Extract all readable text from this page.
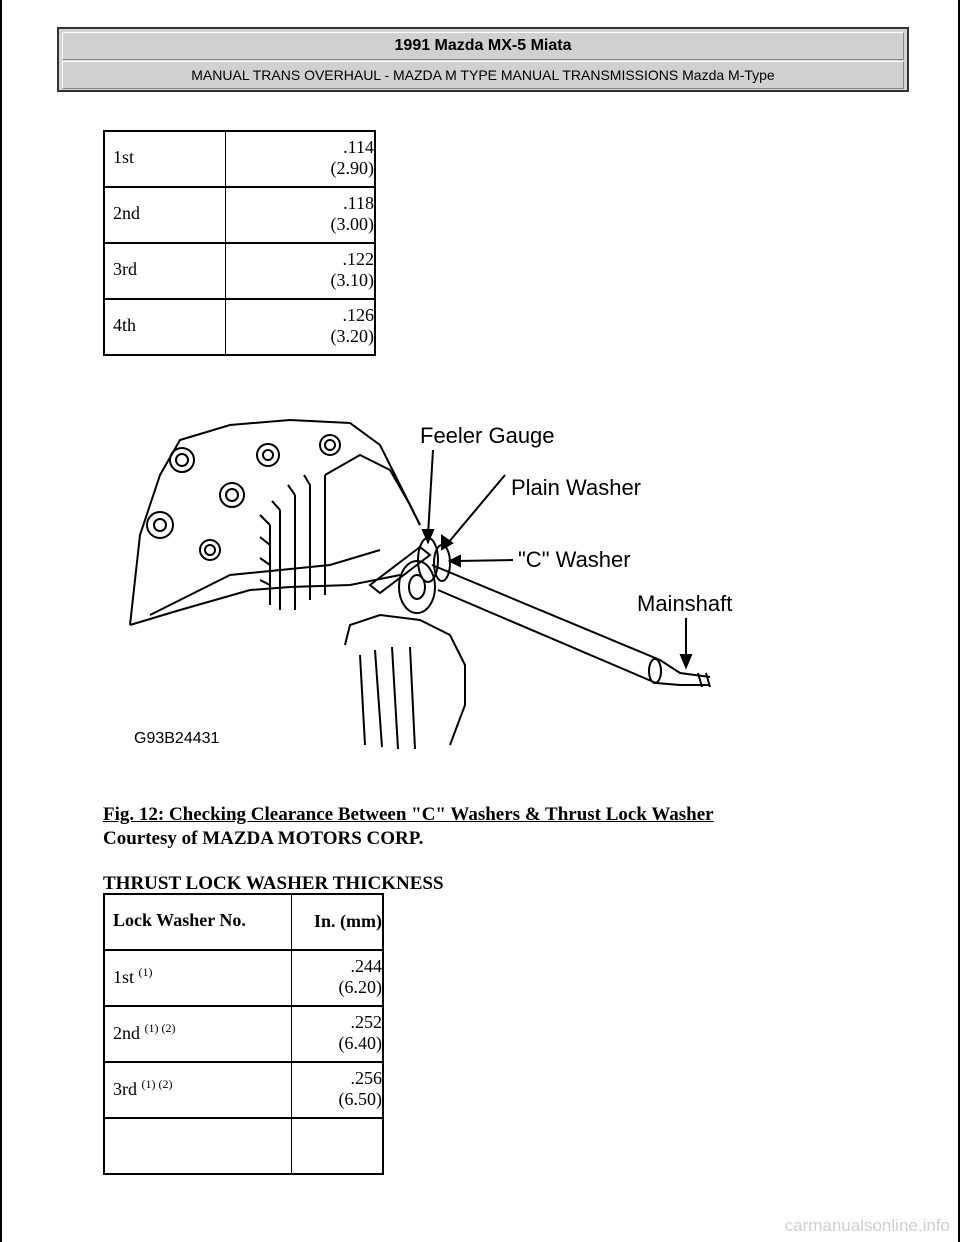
1991 Mazda MX-5 Miata
MANUAL TRANS OVERHAUL - MAZDA M TYPE MANUAL TRANSMISSIONS Mazda M-Type
1st	.114
(2.90)
2nd	.118
(3.00)
3rd	.122
(3.10)
4th	.126
(3.20)
Feeler Gauge
Plain Washer
"C" Washer
Mainshaft
G93B24431
Fig. 12: Checking Clearance Between "C" Washers & Thrust Lock Washer
Courtesy of MAZDA MOTORS CORP.
THRUST LOCK WASHER THICKNESS
Lock Washer No.	In. (mm)
1st $^{(1)}$	.244
(6.20)
2nd $^{(1) (2)}$	.252
(6.40)
3rd $^{(1) (2)}$	.256
(6.50)

carmanualsonline.info
